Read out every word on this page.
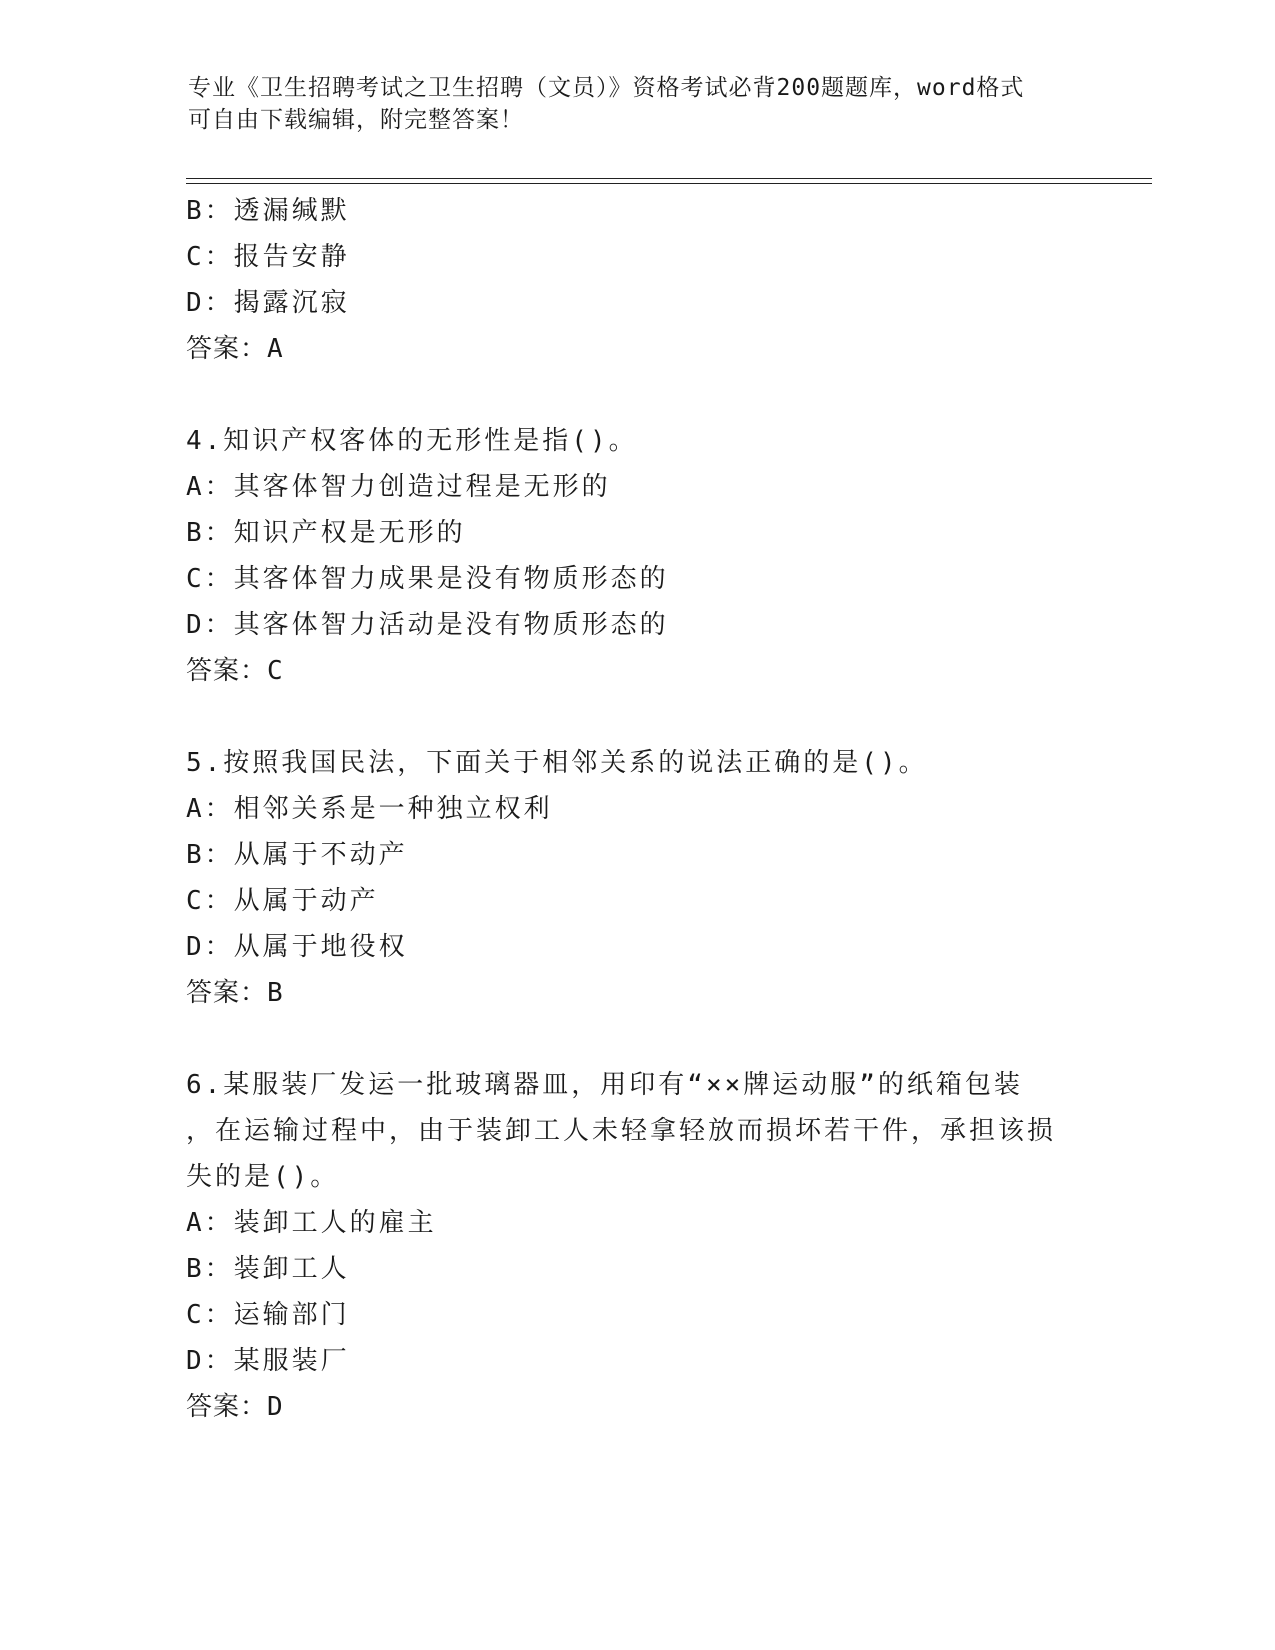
专业《卫生招聘考试之卫生招聘（文员）》资格考试必背200题题库，word格式
可自由下载编辑，附完整答案！
B：透漏缄默
C：报告安静
D：揭露沉寂
答案：A
4.知识产权客体的无形性是指()。
A：其客体智力创造过程是无形的
B：知识产权是无形的
C：其客体智力成果是没有物质形态的
D：其客体智力活动是没有物质形态的
答案：C
5.按照我国民法，下面关于相邻关系的说法正确的是()。
A：相邻关系是一种独立权利
B：从属于不动产
C：从属于动产
D：从属于地役权
答案：B
6.某服装厂发运一批玻璃器皿，用印有“××牌运动服”的纸箱包装
，在运输过程中，由于装卸工人未轻拿轻放而损坏若干件，承担该损
失的是()。
A：装卸工人的雇主
B：装卸工人
C：运输部门
D：某服装厂
答案：D
